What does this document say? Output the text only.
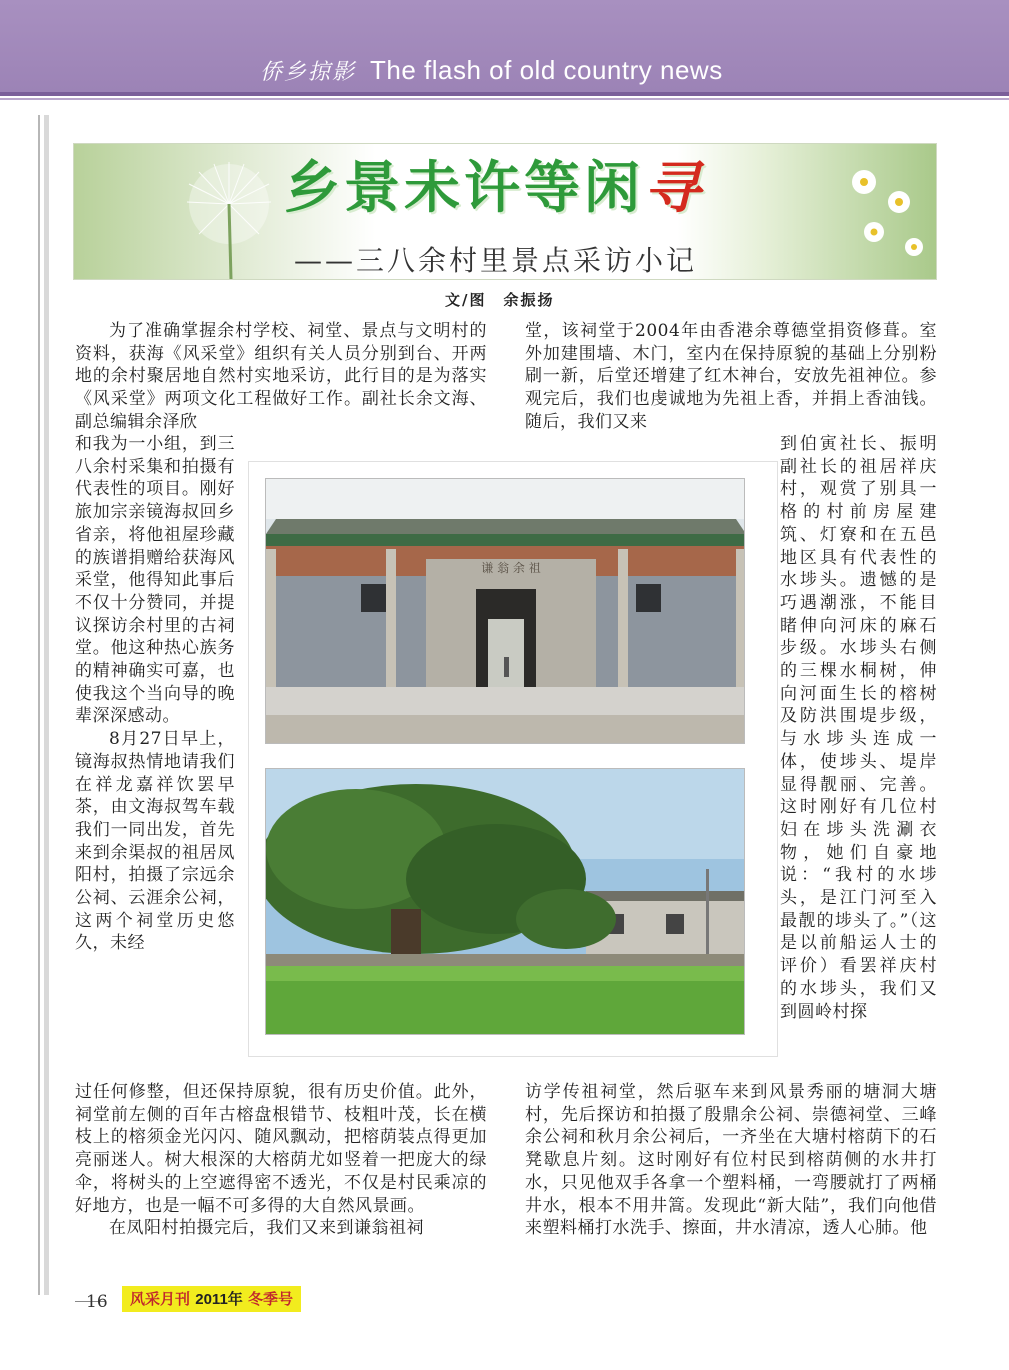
侨乡掠影 The flash of old country news
乡景未许等闲寻
——三八余村里景点采访小记
文/图　余振扬

为了准确掌握余村学校、祠堂、景点与文明村的资料，获海《风采堂》组织有关人员分别到台、开两地的余村聚居地自然村实地采访，此行目的是为落实《风采堂》两项文化工程做好工作。副社长余文海、副总编辑余泽欣

和我为一小组，到三八余村采集和拍摄有代表性的项目。刚好旅加宗亲镜海叔回乡省亲，将他祖屋珍藏的族谱捐赠给获海风采堂，他得知此事后不仅十分赞同，并提议探访余村里的古祠堂。他这种热心族务的精神确实可嘉，也使我这个当向导的晚辈深深感动。

8月27日早上，镜海叔热情地请我们在祥龙嘉祥饮罢早茶，由文海叔驾车载我们一同出发，首先来到余渠叔的祖居凤阳村，拍摄了宗远余公祠、云涯余公祠，这两个祠堂历史悠久，未经

过任何修整，但还保持原貌，很有历史价值。此外，祠堂前左侧的百年古榕盘根错节、枝粗叶茂，长在横枝上的榕须金光闪闪、随风飘动，把榕荫装点得更加亮丽迷人。树大根深的大榕荫尤如竖着一把庞大的绿伞，将树头的上空遮得密不透光，不仅是村民乘凉的好地方，也是一幅不可多得的大自然风景画。

在凤阳村拍摄完后，我们又来到谦翁祖祠

堂，该祠堂于2004年由香港余尊德堂捐资修葺。室外加建围墙、木门，室内在保持原貌的基础上分别粉刷一新，后堂还增建了红木神台，安放先祖神位。参观完后，我们也虔诚地为先祖上香，并捐上香油钱。随后，我们又来

到伯寅社长、振明副社长的祖居祥庆村，观赏了别具一格的村前房屋建筑、灯寮和在五邑地区具有代表性的水埗头。遗憾的是巧遇潮涨，不能目睹伸向河床的麻石步级。水埗头右侧的三棵水桐树，伸向河面生长的榕树及防洪围堤步级，与水埗头连成一体，使埗头、堤岸显得靓丽、完善。这时刚好有几位村妇在埗头洗涮衣物，她们自豪地说：“我村的水埗头，是江门河至入最靓的埗头了。”（这是以前船运人士的评价）看罢祥庆村的水埗头，我们又到圆岭村探

访学传祖祠堂，然后驱车来到风景秀丽的塘洞大塘村，先后探访和拍摄了殷鼎余公祠、崇德祠堂、三峰余公祠和秋月余公祠后，一齐坐在大塘村榕荫下的石凳歇息片刻。这时刚好有位村民到榕荫侧的水井打水，只见他双手各拿一个塑料桶，一弯腰就打了两桶井水，根本不用井篙。发现此“新大陆”，我们向他借来塑料桶打水洗手、擦面，井水清凉，透人心肺。他

谦 翁 余 祖
16	风采月刊 2011年 冬季号
